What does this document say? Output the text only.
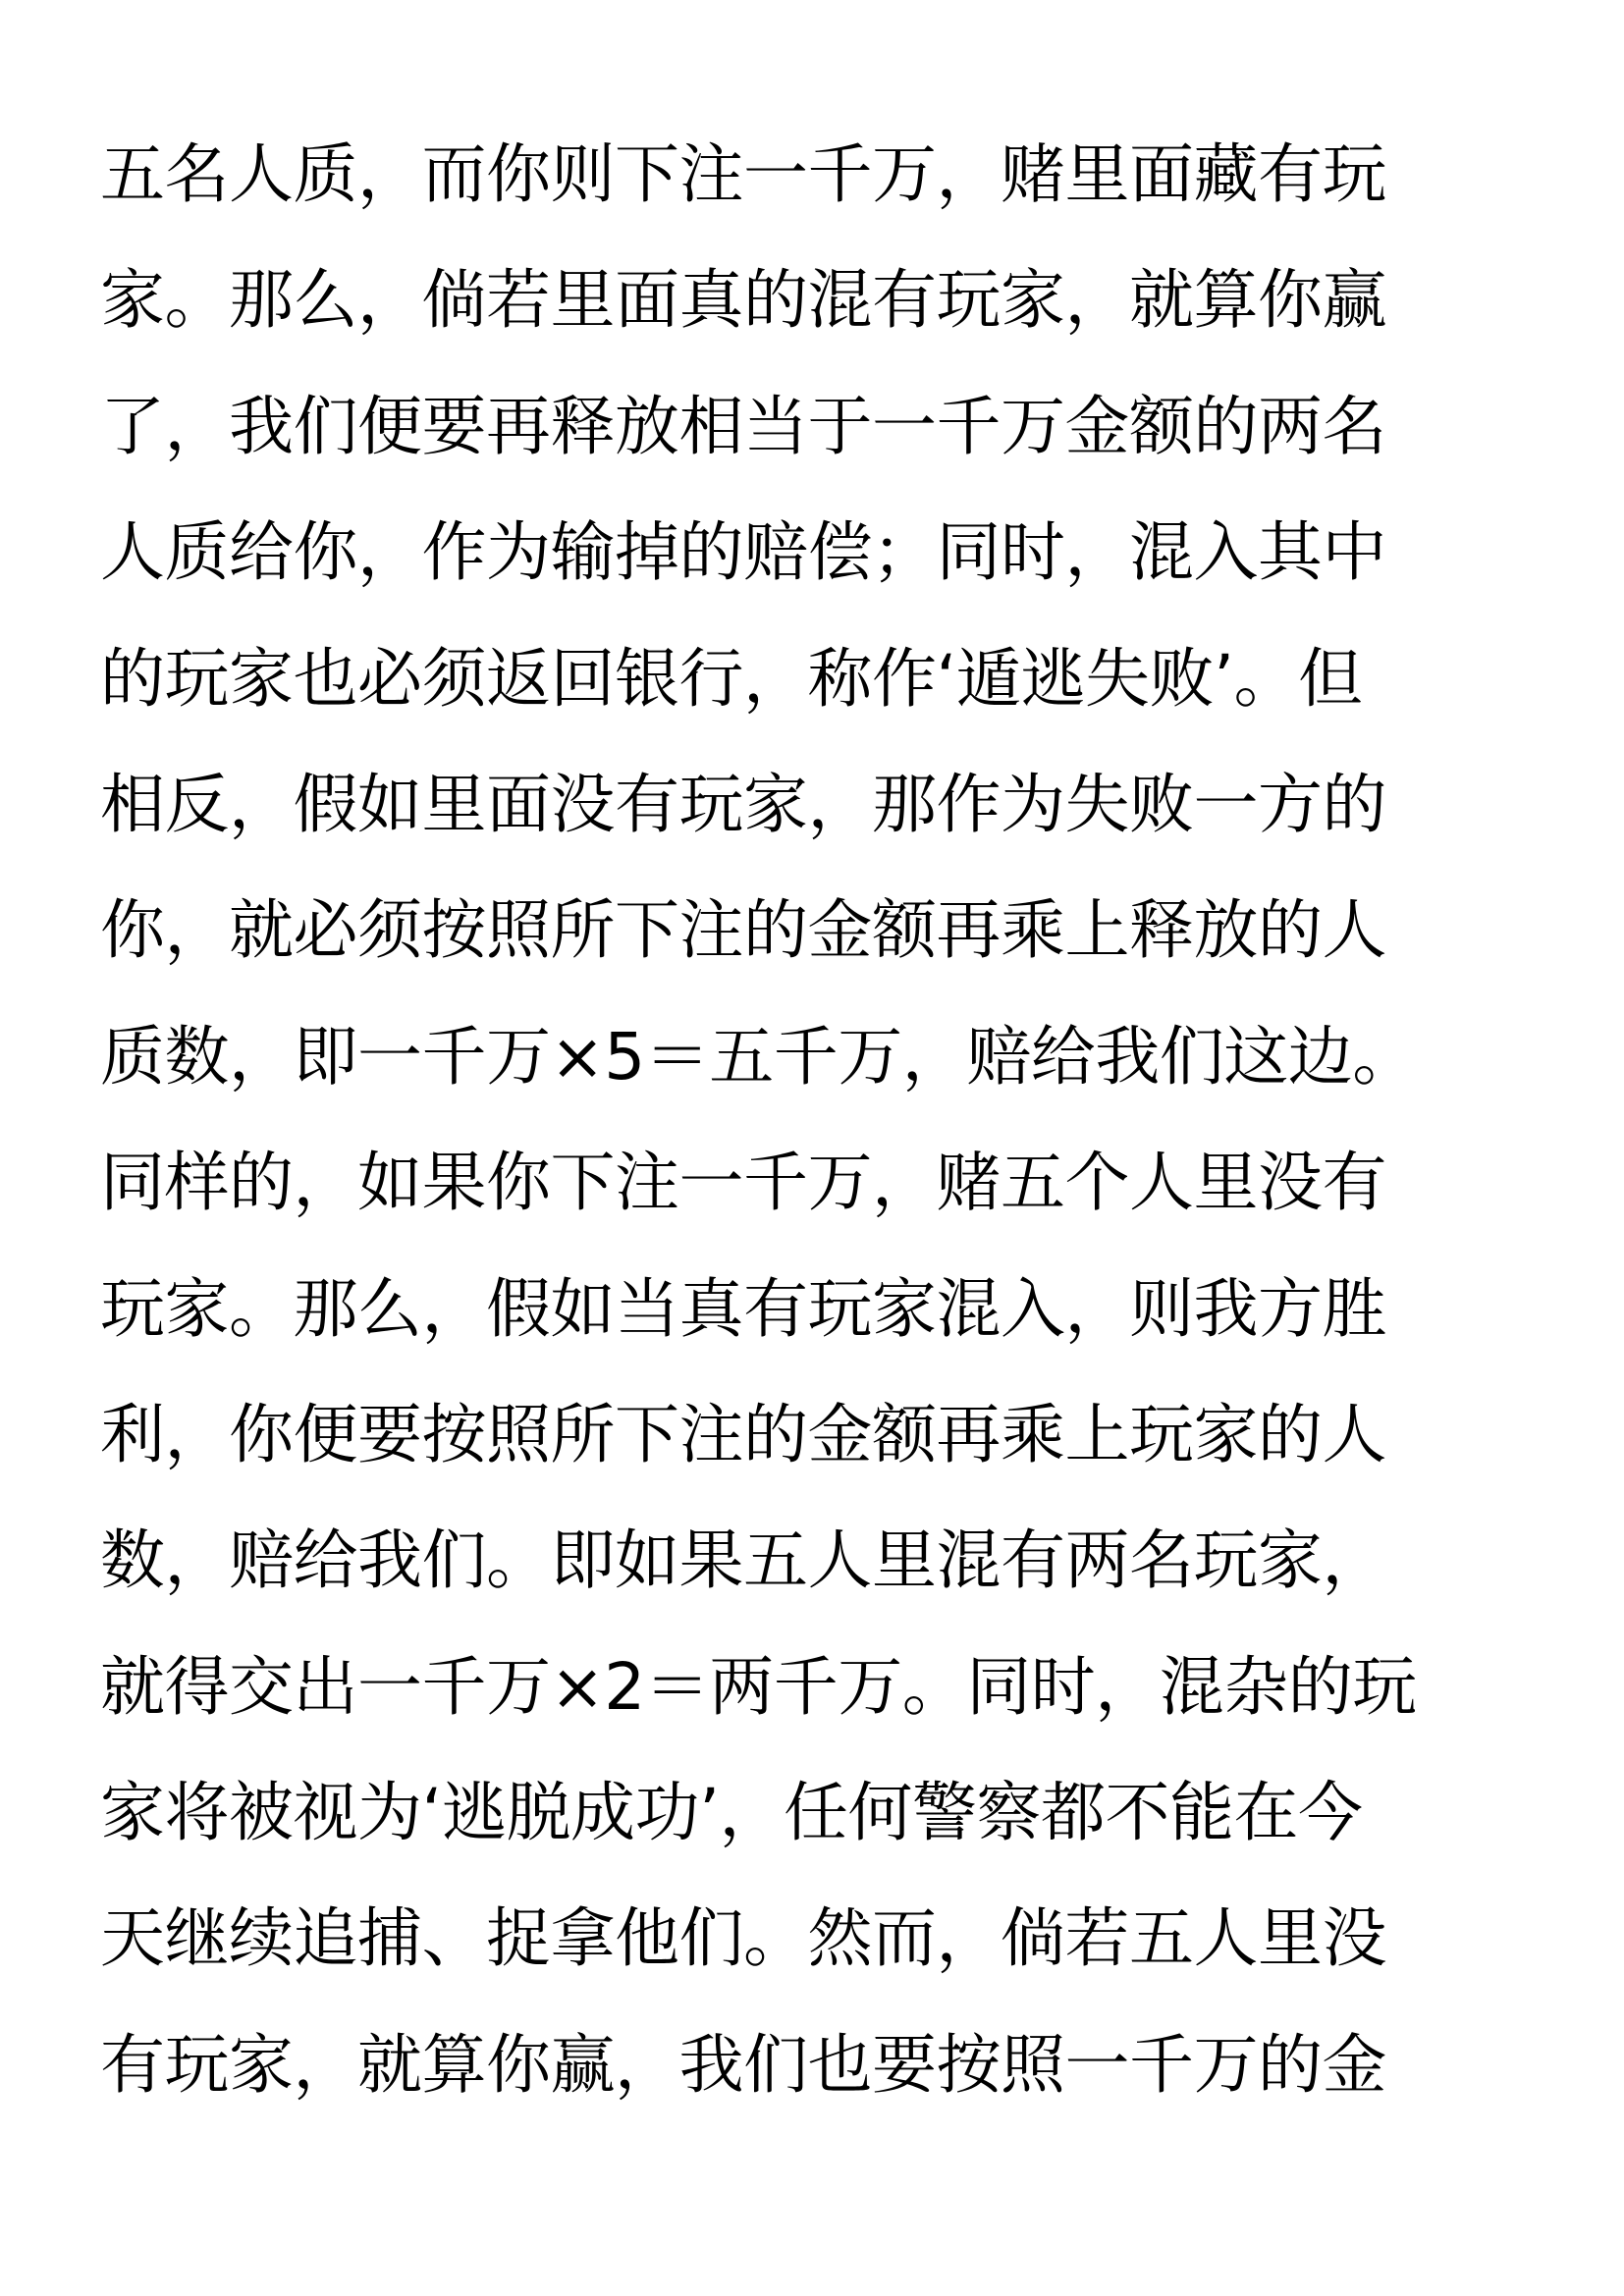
五名人质，而你则下注一千万，赌里面藏有玩
家。那么，倘若里面真的混有玩家，就算你赢
了，我们便要再释放相当于一千万金额的两名
人质给你，作为输掉的赔偿；同时，混入其中
的玩家也必须返回银行，称作‘遁逃失败’。但
相反，假如里面没有玩家，那作为失败一方的
你，就必须按照所下注的金额再乘上释放的人
质数，即一千万×5＝五千万，赔给我们这边。
同样的，如果你下注一千万，赌五个人里没有
玩家。那么，假如当真有玩家混入，则我方胜
利，你便要按照所下注的金额再乘上玩家的人
数，赔给我们。即如果五人里混有两名玩家，
就得交出一千万×2＝两千万。同时，混杂的玩
家将被视为‘逃脱成功’，任何警察都不能在今
天继续追捕、捉拿他们。然而，倘若五人里没
有玩家，就算你赢，我们也要按照一千万的金
